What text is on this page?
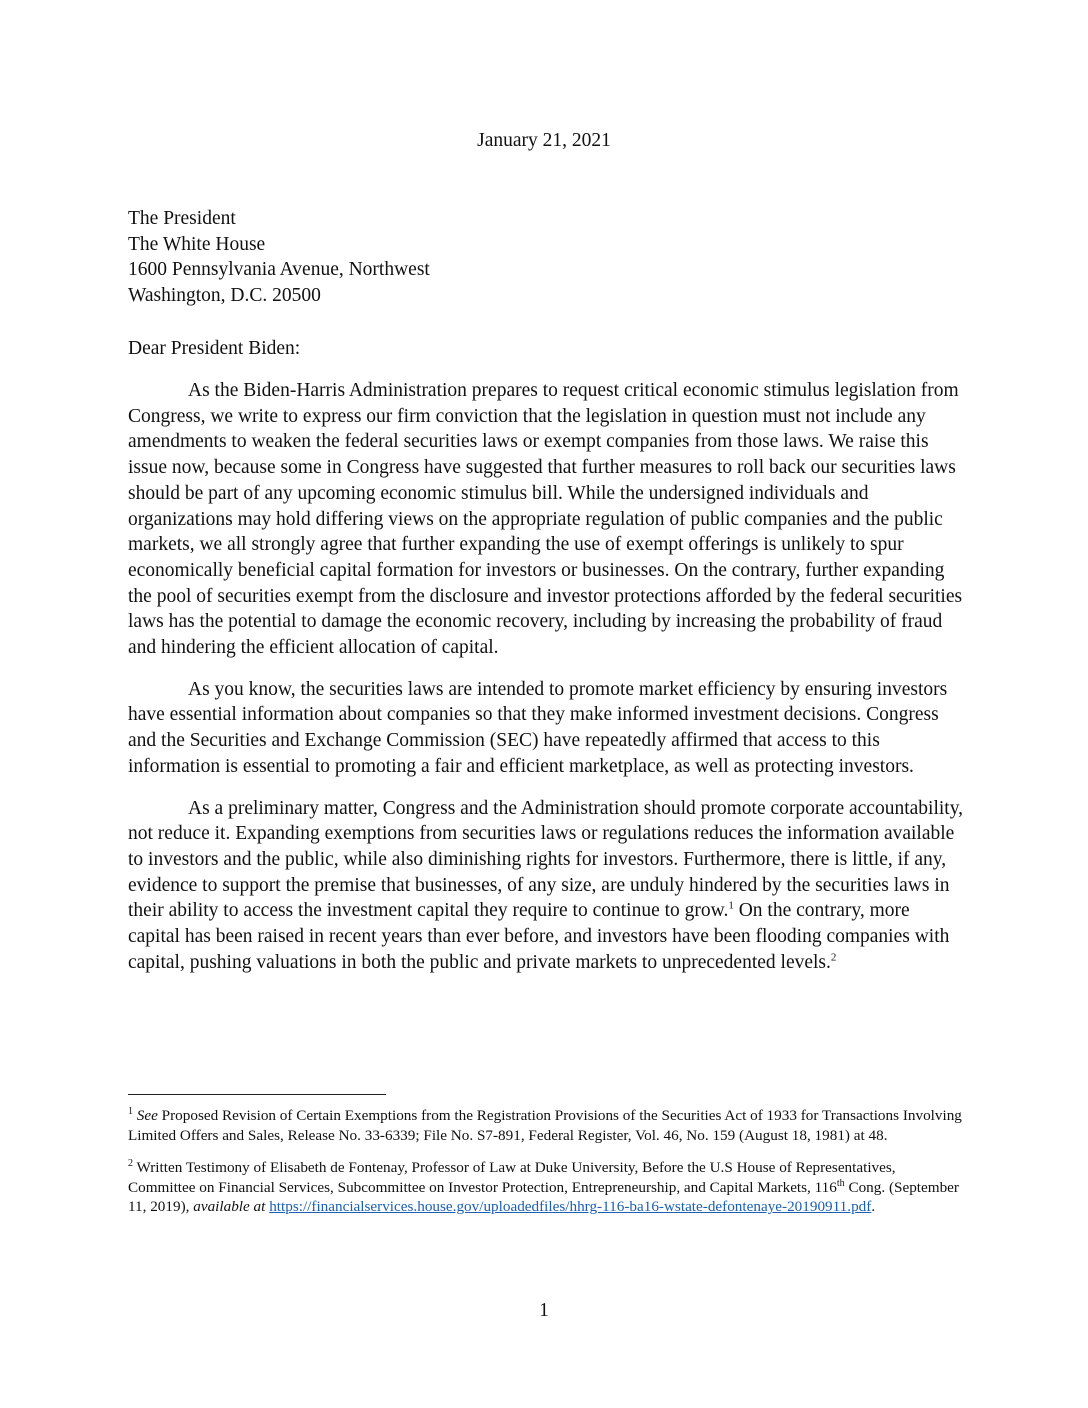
January 21, 2021
The President
The White House
1600 Pennsylvania Avenue, Northwest
Washington, D.C. 20500
Dear President Biden:

As the Biden-Harris Administration prepares to request critical economic stimulus legislation from Congress, we write to express our firm conviction that the legislation in question must not include any amendments to weaken the federal securities laws or exempt companies from those laws. We raise this issue now, because some in Congress have suggested that further measures to roll back our securities laws should be part of any upcoming economic stimulus bill. While the undersigned individuals and organizations may hold differing views on the appropriate regulation of public companies and the public markets, we all strongly agree that further expanding the use of exempt offerings is unlikely to spur economically beneficial capital formation for investors or businesses. On the contrary, further expanding the pool of securities exempt from the disclosure and investor protections afforded by the federal securities laws has the potential to damage the economic recovery, including by increasing the probability of fraud and hindering the efficient allocation of capital.

As you know, the securities laws are intended to promote market efficiency by ensuring investors have essential information about companies so that they make informed investment decisions. Congress and the Securities and Exchange Commission (SEC) have repeatedly affirmed that access to this information is essential to promoting a fair and efficient marketplace, as well as protecting investors.

As a preliminary matter, Congress and the Administration should promote corporate accountability, not reduce it. Expanding exemptions from securities laws or regulations reduces the information available to investors and the public, while also diminishing rights for investors. Furthermore, there is little, if any, evidence to support the premise that businesses, of any size, are unduly hindered by the securities laws in their ability to access the investment capital they require to continue to grow.$^1$ On the contrary, more capital has been raised in recent years than ever before, and investors have been flooding companies with capital, pushing valuations in both the public and private markets to unprecedented levels.$^2$

$^1$ See Proposed Revision of Certain Exemptions from the Registration Provisions of the Securities Act of 1933 for Transactions Involving Limited Offers and Sales, Release No. 33-6339; File No. S7-891, Federal Register, Vol. 46, No. 159 (August 18, 1981) at 48.
$^2$ Written Testimony of Elisabeth de Fontenay, Professor of Law at Duke University, Before the U.S House of Representatives, Committee on Financial Services, Subcommittee on Investor Protection, Entrepreneurship, and Capital Markets, 116th Cong. (September 11, 2019), available at https://financialservices.house.gov/uploadedfiles/hhrg-116-ba16-wstate-defontenaye-20190911.pdf.
1
